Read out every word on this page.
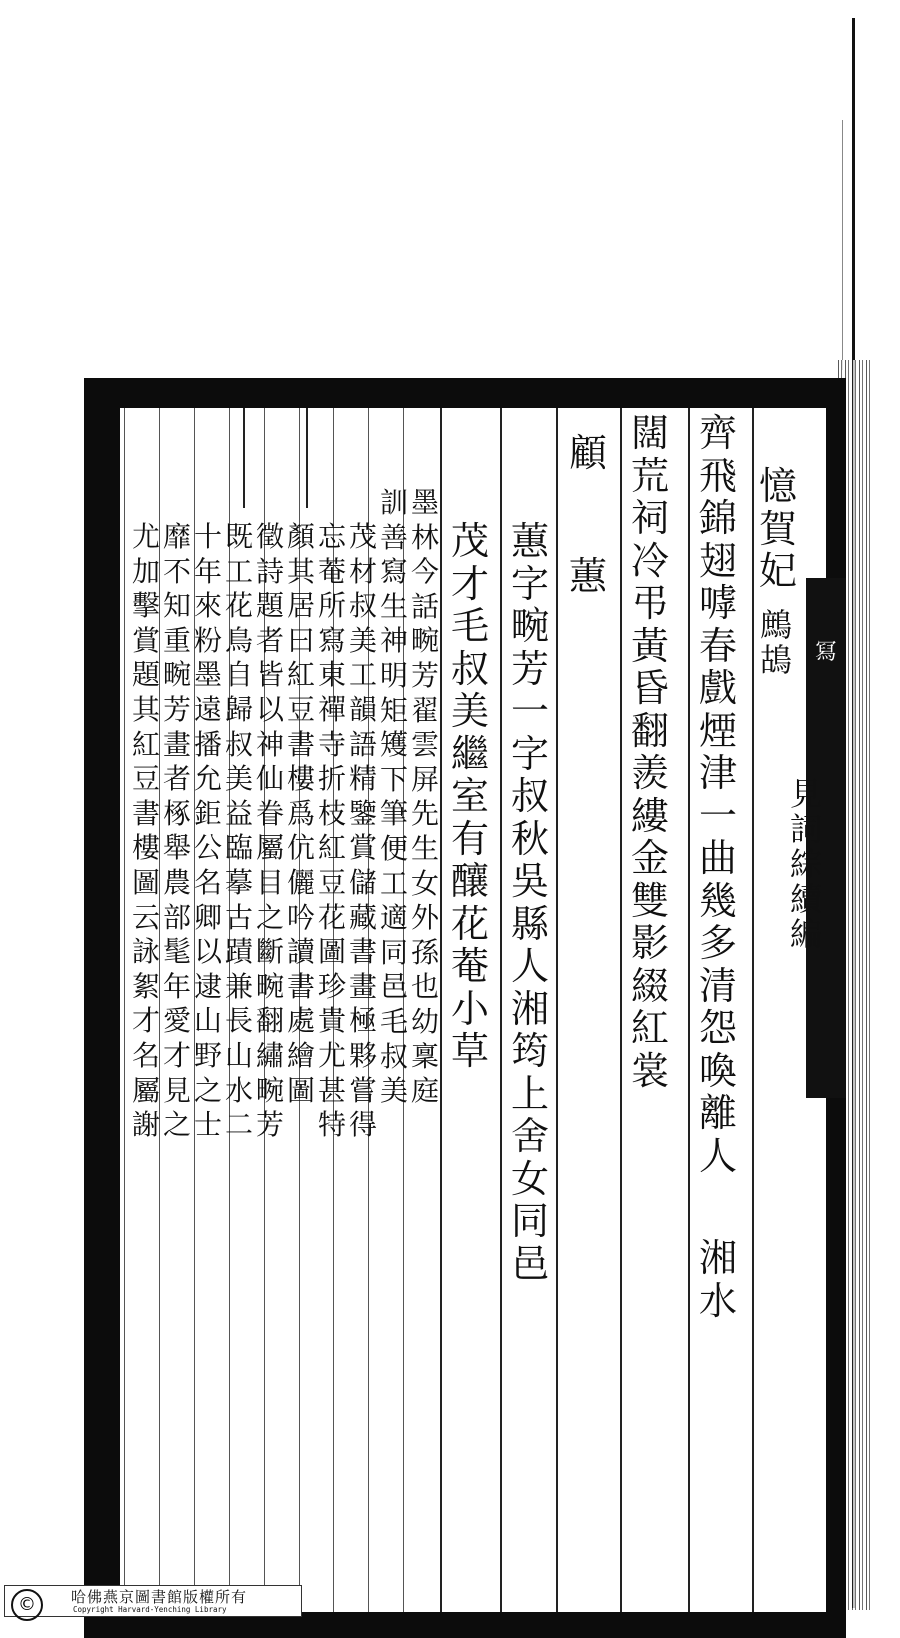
冩
憶
賀
妃
鷓
鴣
見
詞
綜
續
編
齊
飛
錦
翅
嘑
春
戲
煙
津
一
曲
幾
多
清
怨
喚
離
人
湘
水
闊
荒
祠
冷
弔
黃
昏
翻
羨
縷
金
雙
影
綴
紅
裳
顧
蕙
蕙
字
畹
芳
一
字
叔
秋
吳
縣
人
湘
筠
上
舍
女
同
邑
茂
才
毛
叔
美
繼
室
有
釀
花
菴
小
草
墨
林
今
話
畹
芳
翟
雲
屏
先
生
女
外
孫
也
幼
稟
庭
訓
善
寫
生
神
明
矩
矱
下
筆
便
工
適
同
邑
毛
叔
美
茂
材
叔
美
工
韻
語
精
鑒
賞
儲
藏
書
畫
極
夥
嘗
得
忘
菴
所
寫
東
禪
寺
折
枝
紅
豆
花
圖
珍
貴
尤
甚
特
顏
其
居
曰
紅
豆
書
樓
爲
伉
儷
吟
讀
書
處
繪
圖
徵
詩
題
者
皆
以
神
仙
眷
屬
目
之
斷
畹
翻
繡
畹
芳
既
工
花
鳥
自
歸
叔
美
益
臨
摹
古
蹟
兼
長
山
水
二
十
年
來
粉
墨
遠
播
允
鉅
公
名
卿
以
逮
山
野
之
士
靡
不
知
重
畹
芳
畫
者
椓
舉
農
部
髦
年
愛
才
見
之
尤
加
擊
賞
題
其
紅
豆
書
樓
圖
云
詠
絮
才
名
屬
謝
©	哈佛燕京圖書館版權所有
Copyright Harvard-Yenching Library
